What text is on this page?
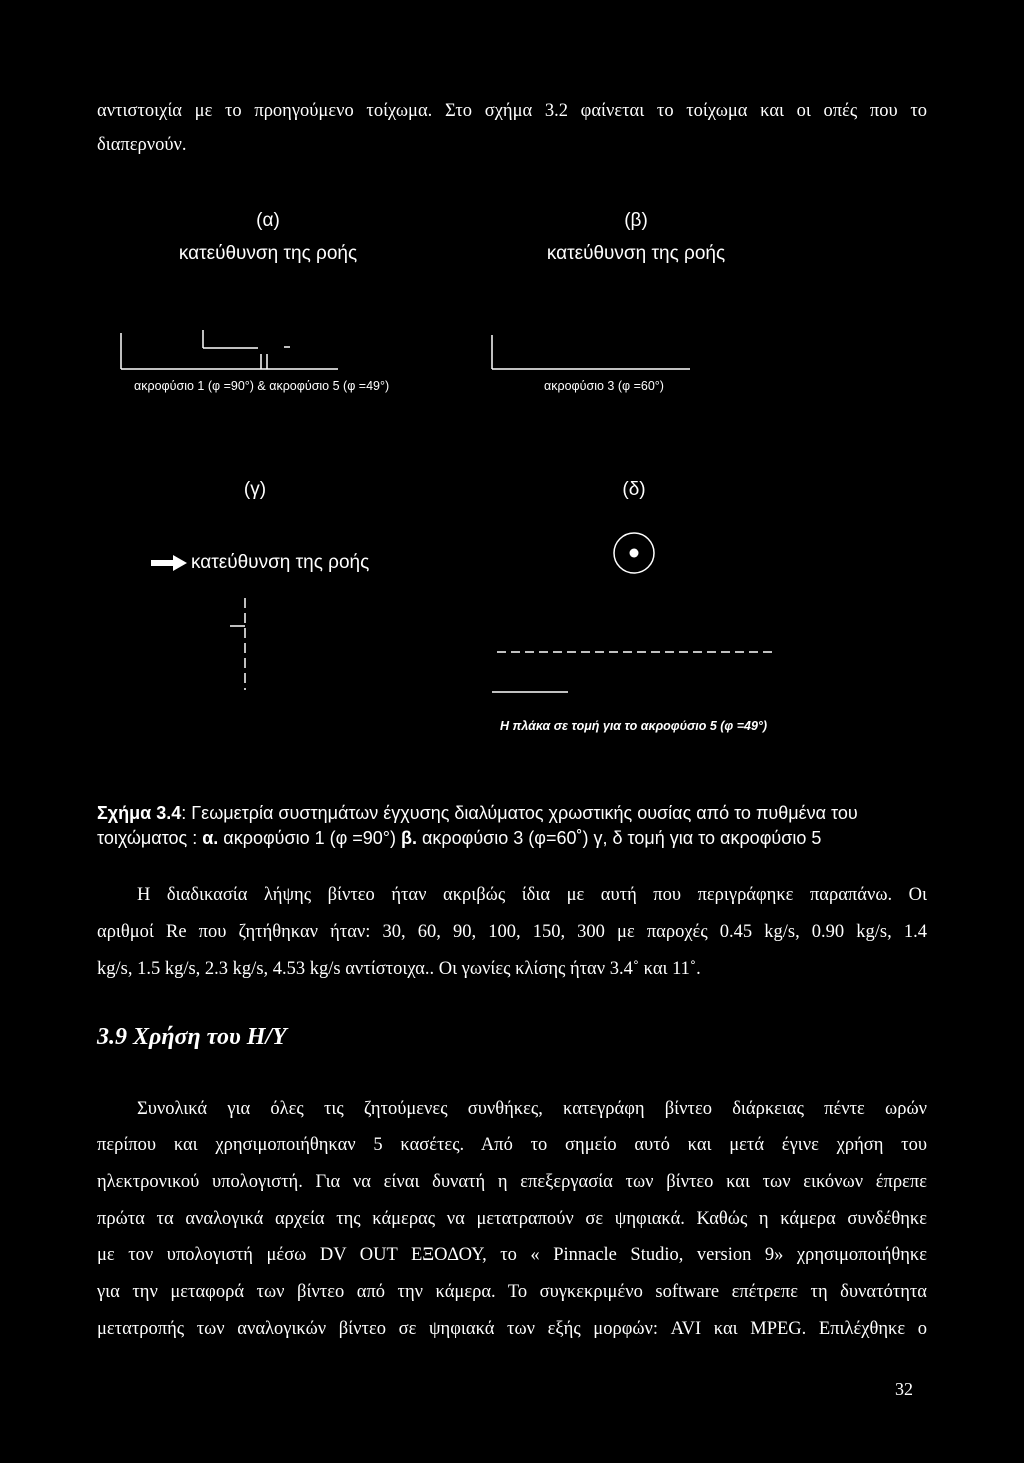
αντιστοιχία με το προηγούμενο τοίχωμα. Στο σχήμα 3.2 φαίνεται το τοίχωμα και οι οπές που το
διαπερνούν.
(α)
κατεύθυνση της ροής
(β)
κατεύθυνση της ροής
ακροφύσιο 1 (φ =90°) & ακροφύσιο 5 (φ =49°)	ακροφύσιο 3 (φ =60°)
(γ)	(δ)
κατεύθυνση της ροής
Η πλάκα σε τομή για το ακροφύσιο 5 (φ =49°)
Σχήμα 3.4: Γεωμετρία συστημάτων έγχυσης διαλύματος χρωστικής ουσίας από το πυθμένα του
τοιχώματος : α. ακροφύσιο 1 (φ =90°) β. ακροφύσιο 3 (φ=60˚) γ, δ τομή για το ακροφύσιο 5
Η διαδικασία λήψης βίντεο ήταν ακριβώς ίδια με αυτή που περιγράφηκε παραπάνω. Οι
αριθμοί Re που ζητήθηκαν ήταν: 30, 60, 90, 100, 150, 300 με παροχές 0.45 kg/s, 0.90 kg/s, 1.4
kg/s, 1.5 kg/s, 2.3 kg/s, 4.53 kg/s αντίστοιχα.. Οι γωνίες κλίσης ήταν 3.4˚ και 11˚.
3.9 Χρήση του Η/Υ
Συνολικά για όλες τις ζητούμενες συνθήκες, κατεγράφη βίντεο διάρκειας πέντε ωρών
περίπου και χρησιμοποιήθηκαν 5 κασέτες. Από το σημείο αυτό και μετά έγινε χρήση του
ηλεκτρονικού υπολογιστή. Για να είναι δυνατή η επεξεργασία των βίντεο και των εικόνων έπρεπε
πρώτα τα αναλογικά αρχεία της κάμερας να μετατραπούν σε ψηφιακά. Καθώς η κάμερα συνδέθηκε
με τον υπολογιστή μέσω DV OUT ΕΞΟΔΟΥ, το « Pinnacle Studio, version 9» χρησιμοποιήθηκε
για την μεταφορά των βίντεο από την κάμερα. Το συγκεκριμένο software επέτρεπε τη δυνατότητα
μετατροπής των αναλογικών βίντεο σε ψηφιακά των εξής μορφών: AVI και MPEG. Επιλέχθηκε ο
32
